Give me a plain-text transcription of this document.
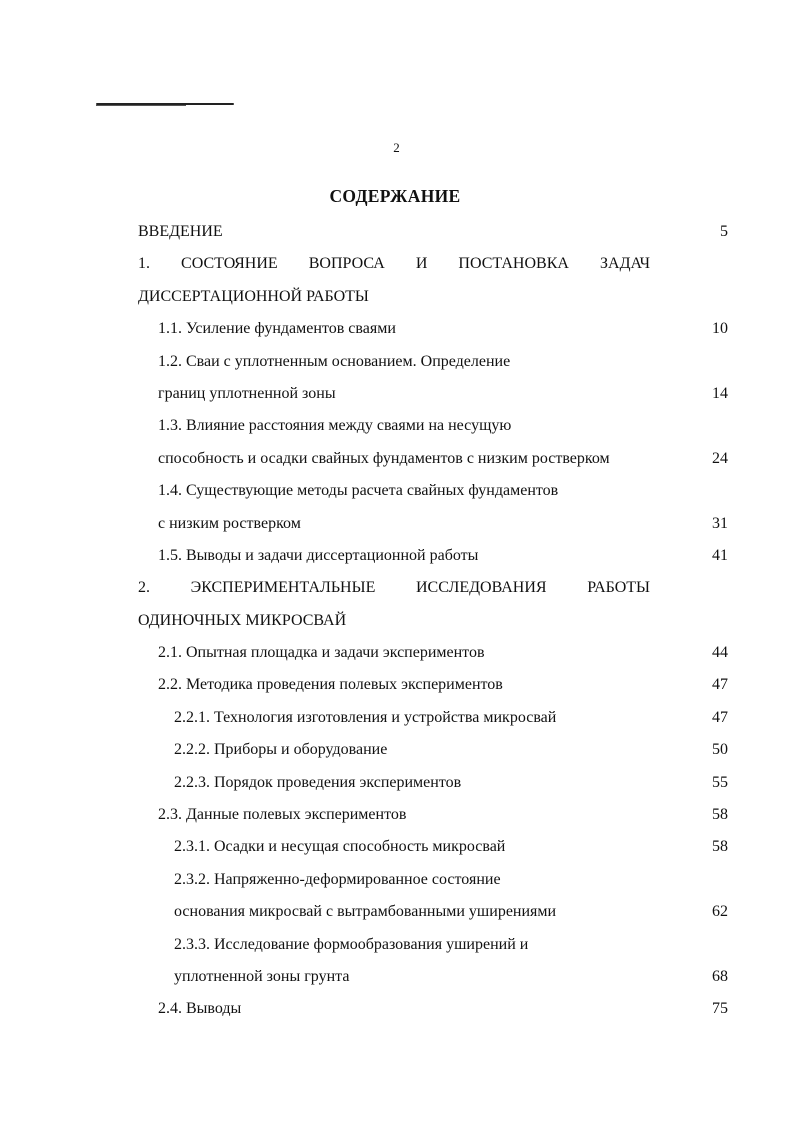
2
СОДЕРЖАНИЕ
ВВЕДЕНИЕ	5
1. СОСТОЯНИЕ ВОПРОСА И ПОСТАНОВКА ЗАДАЧ
ДИССЕРТАЦИОННОЙ РАБОТЫ
1.1. Усиление фундаментов сваями	10
1.2. Сваи с уплотненным основанием. Определение
границ уплотненной зоны	14
1.3. Влияние расстояния между сваями на несущую
способность и осадки свайных фундаментов с низким ростверком	24
1.4. Существующие методы расчета свайных фундаментов
с низким ростверком	31
1.5. Выводы и задачи диссертационной работы	41
2. ЭКСПЕРИМЕНТАЛЬНЫЕ ИССЛЕДОВАНИЯ РАБОТЫ
ОДИНОЧНЫХ МИКРОСВАЙ
2.1. Опытная площадка и задачи экспериментов	44
2.2. Методика проведения полевых экспериментов	47
2.2.1. Технология изготовления и устройства микросвай	47
2.2.2. Приборы и оборудование	50
2.2.3. Порядок проведения экспериментов	55
2.3. Данные полевых экспериментов	58
2.3.1. Осадки и несущая способность микросвай	58
2.3.2. Напряженно-деформированное состояние
основания микросвай с вытрамбованными уширениями	62
2.3.3. Исследование формообразования уширений и
уплотненной зоны грунта	68
2.4. Выводы	75
